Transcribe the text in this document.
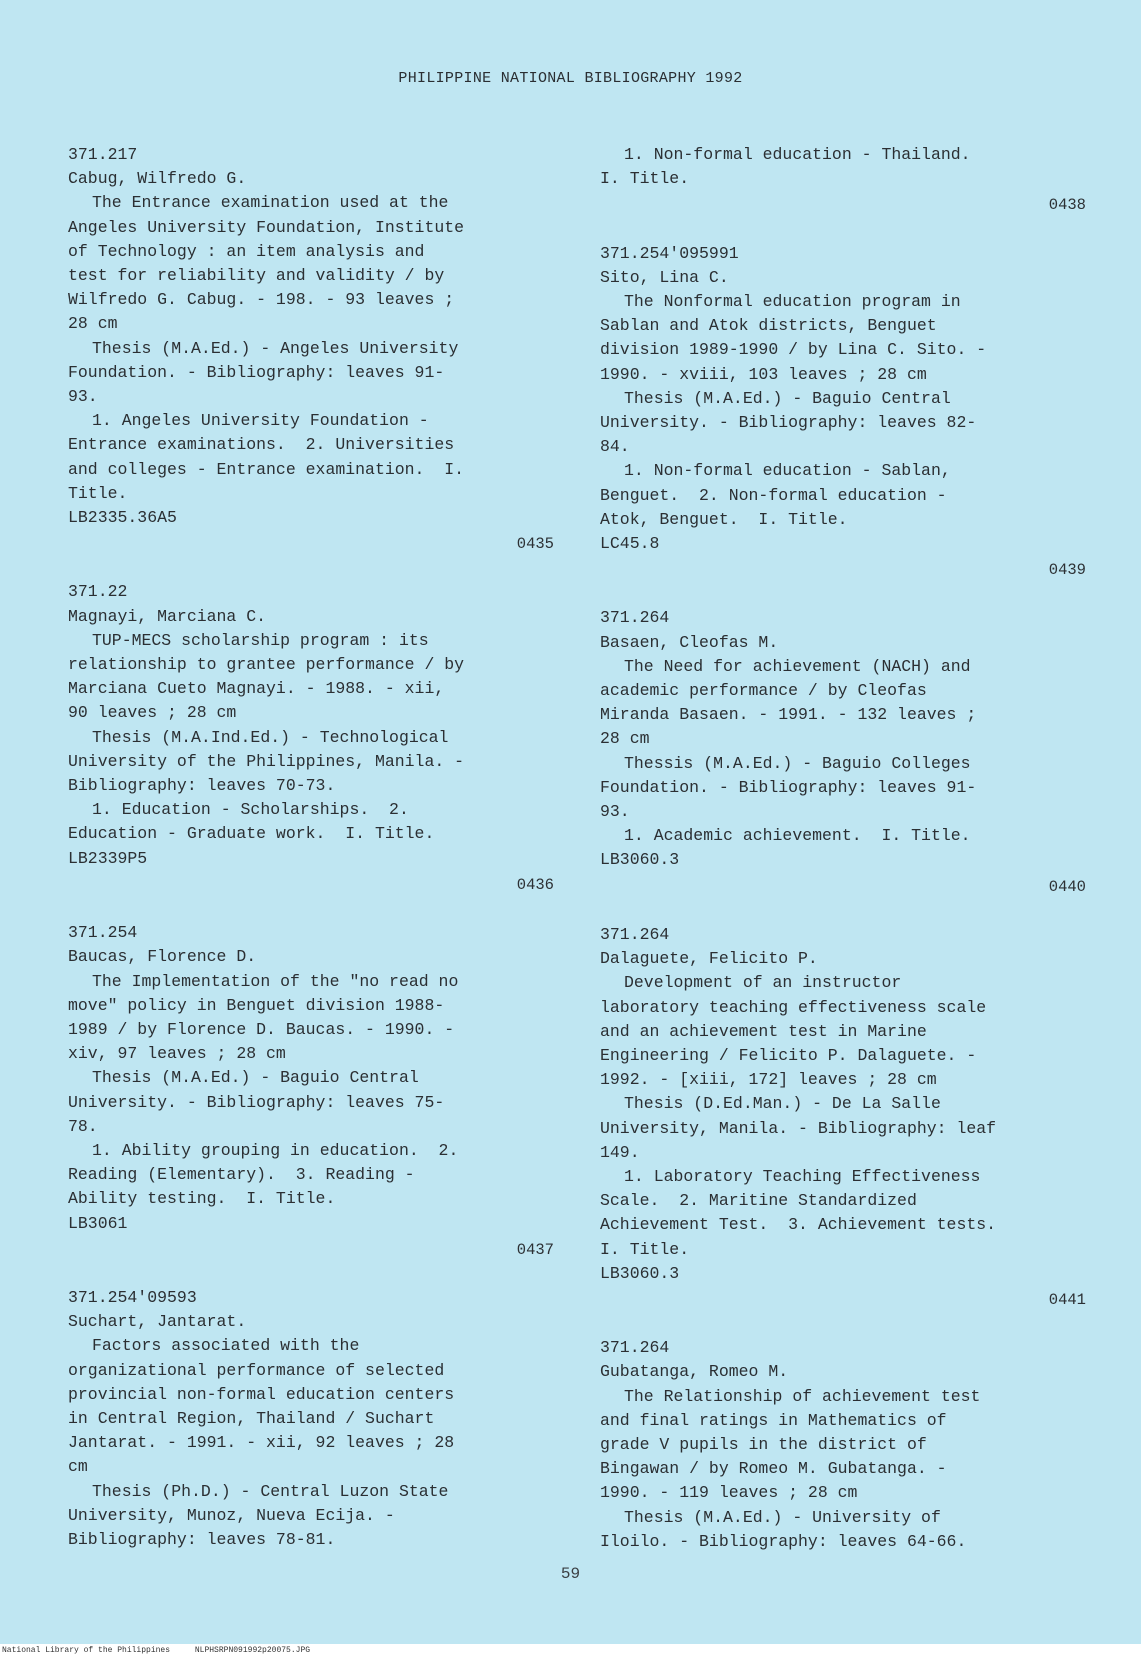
PHILIPPINE NATIONAL BIBLIOGRAPHY 1992
371.217
Cabug, Wilfredo G.
The Entrance examination used at the
Angeles University Foundation, Institute
of Technology : an item analysis and
test for reliability and validity / by
Wilfredo G. Cabug. - 198. - 93 leaves ;
28 cm
Thesis (M.A.Ed.) - Angeles University
Foundation. - Bibliography: leaves 91-
93.
1. Angeles University Foundation -
Entrance examinations.  2. Universities
and colleges - Entrance examination.  I.
Title.
LB2335.36A5
0435
371.22
Magnayi, Marciana C.
TUP-MECS scholarship program : its
relationship to grantee performance / by
Marciana Cueto Magnayi. - 1988. - xii,
90 leaves ; 28 cm
Thesis (M.A.Ind.Ed.) - Technological
University of the Philippines, Manila. -
Bibliography: leaves 70-73.
1. Education - Scholarships.  2.
Education - Graduate work.  I. Title.
LB2339P5
0436
371.254
Baucas, Florence D.
The Implementation of the "no read no
move" policy in Benguet division 1988-
1989 / by Florence D. Baucas. - 1990. -
xiv, 97 leaves ; 28 cm
Thesis (M.A.Ed.) - Baguio Central
University. - Bibliography: leaves 75-
78.
1. Ability grouping in education.  2.
Reading (Elementary).  3. Reading -
Ability testing.  I. Title.
LB3061
0437
371.254'09593
Suchart, Jantarat.
Factors associated with the
organizational performance of selected
provincial non-formal education centers
in Central Region, Thailand / Suchart
Jantarat. - 1991. - xii, 92 leaves ; 28
cm
Thesis (Ph.D.) - Central Luzon State
University, Munoz, Nueva Ecija. -
Bibliography: leaves 78-81.
1. Non-formal education - Thailand.
I. Title.
0438
371.254'095991
Sito, Lina C.
The Nonformal education program in
Sablan and Atok districts, Benguet
division 1989-1990 / by Lina C. Sito. -
1990. - xviii, 103 leaves ; 28 cm
Thesis (M.A.Ed.) - Baguio Central
University. - Bibliography: leaves 82-
84.
1. Non-formal education - Sablan,
Benguet.  2. Non-formal education -
Atok, Benguet.  I. Title.
LC45.8
0439
371.264
Basaen, Cleofas M.
The Need for achievement (NACH) and
academic performance / by Cleofas
Miranda Basaen. - 1991. - 132 leaves ;
28 cm
Thessis (M.A.Ed.) - Baguio Colleges
Foundation. - Bibliography: leaves 91-
93.
1. Academic achievement.  I. Title.
LB3060.3
0440
371.264
Dalaguete, Felicito P.
Development of an instructor
laboratory teaching effectiveness scale
and an achievement test in Marine
Engineering / Felicito P. Dalaguete. -
1992. - [xiii, 172] leaves ; 28 cm
Thesis (D.Ed.Man.) - De La Salle
University, Manila. - Bibliography: leaf
149.
1. Laboratory Teaching Effectiveness
Scale.  2. Maritine Standardized
Achievement Test.  3. Achievement tests.
I. Title.
LB3060.3
0441
371.264
Gubatanga, Romeo M.
The Relationship of achievement test
and final ratings in Mathematics of
grade V pupils in the district of
Bingawan / by Romeo M. Gubatanga. -
1990. - 119 leaves ; 28 cm
Thesis (M.A.Ed.) - University of
Iloilo. - Bibliography: leaves 64-66.
59
National Library of the Philippines	NLPHSRPN091992p20075.JPG
